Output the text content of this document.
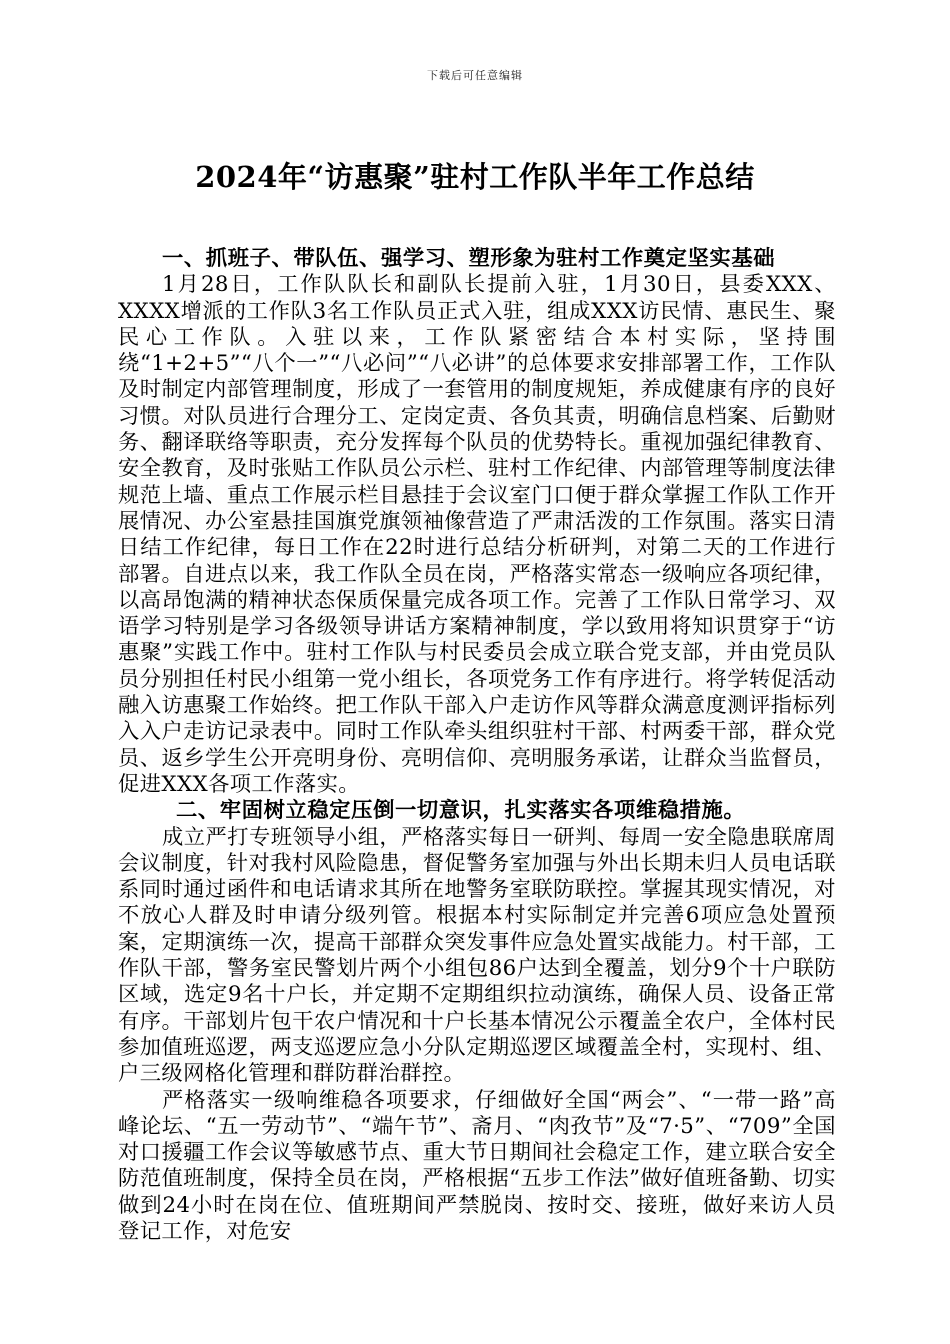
下载后可任意编辑
2024年“访惠聚”驻村工作队半年工作总结

一、抓班子、带队伍、强学习、塑形象为驻村工作奠定坚实基础

1月28日，工作队队长和副队长提前入驻，1月30日，县委XXX、XXXX增派的工作队3名工作队员正式入驻，组成XXX访民情、惠民生、聚民心工作队。入驻以来，工作队紧密结合本村实际，坚持围绕“1+2+5”“八个一”“八必问”“八必讲”的总体要求安排部署工作，工作队及时制定内部管理制度，形成了一套管用的制度规矩，养成健康有序的良好习惯。对队员进行合理分工、定岗定责、各负其责，明确信息档案、后勤财务、翻译联络等职责，充分发挥每个队员的优势特长。重视加强纪律教育、安全教育，及时张贴工作队员公示栏、驻村工作纪律、内部管理等制度法律规范上墙、重点工作展示栏目悬挂于会议室门口便于群众掌握工作队工作开展情况、办公室悬挂国旗党旗领袖像营造了严肃活泼的工作氛围。落实日清日结工作纪律，每日工作在22时进行总结分析研判，对第二天的工作进行部署。自进点以来，我工作队全员在岗，严格落实常态一级响应各项纪律，以高昂饱满的精神状态保质保量完成各项工作。完善了工作队日常学习、双语学习特别是学习各级领导讲话方案精神制度，学以致用将知识贯穿于“访惠聚”实践工作中。驻村工作队与村民委员会成立联合党支部，并由党员队员分别担任村民小组第一党小组长，各项党务工作有序进行。将学转促活动融入访惠聚工作始终。把工作队干部入户走访作风等群众满意度测评指标列入入户走访记录表中。同时工作队牵头组织驻村干部、村两委干部，群众党员、返乡学生公开亮明身份、亮明信仰、亮明服务承诺，让群众当监督员，促进XXX各项工作落实。

二、牢固树立稳定压倒一切意识，扎实落实各项维稳措施。

成立严打专班领导小组，严格落实每日一研判、每周一安全隐患联席周会议制度，针对我村风险隐患，督促警务室加强与外出长期未归人员电话联系同时通过函件和电话请求其所在地警务室联防联控。掌握其现实情况，对不放心人群及时申请分级列管。根据本村实际制定并完善6项应急处置预案，定期演练一次，提高干部群众突发事件应急处置实战能力。村干部，工作队干部，警务室民警划片两个小组包86户达到全覆盖，划分9个十户联防区域，选定9名十户长，并定期不定期组织拉动演练，确保人员、设备正常有序。干部划片包干农户情况和十户长基本情况公示覆盖全农户，全体村民参加值班巡逻，两支巡逻应急小分队定期巡逻区域覆盖全村，实现村、组、户三级网格化管理和群防群治群控。

严格落实一级响维稳各项要求，仔细做好全国“两会”、“一带一路”高峰论坛、“五一劳动节”、“端午节”、斋月、“肉孜节”及“7·5”、“709”全国对口援疆工作会议等敏感节点、重大节日期间社会稳定工作，建立联合安全防范值班制度，保持全员在岗，严格根据“五步工作法”做好值班备勤、切实做到24小时在岗在位、值班期间严禁脱岗、按时交、接班，做好来访人员登记工作，对危安
